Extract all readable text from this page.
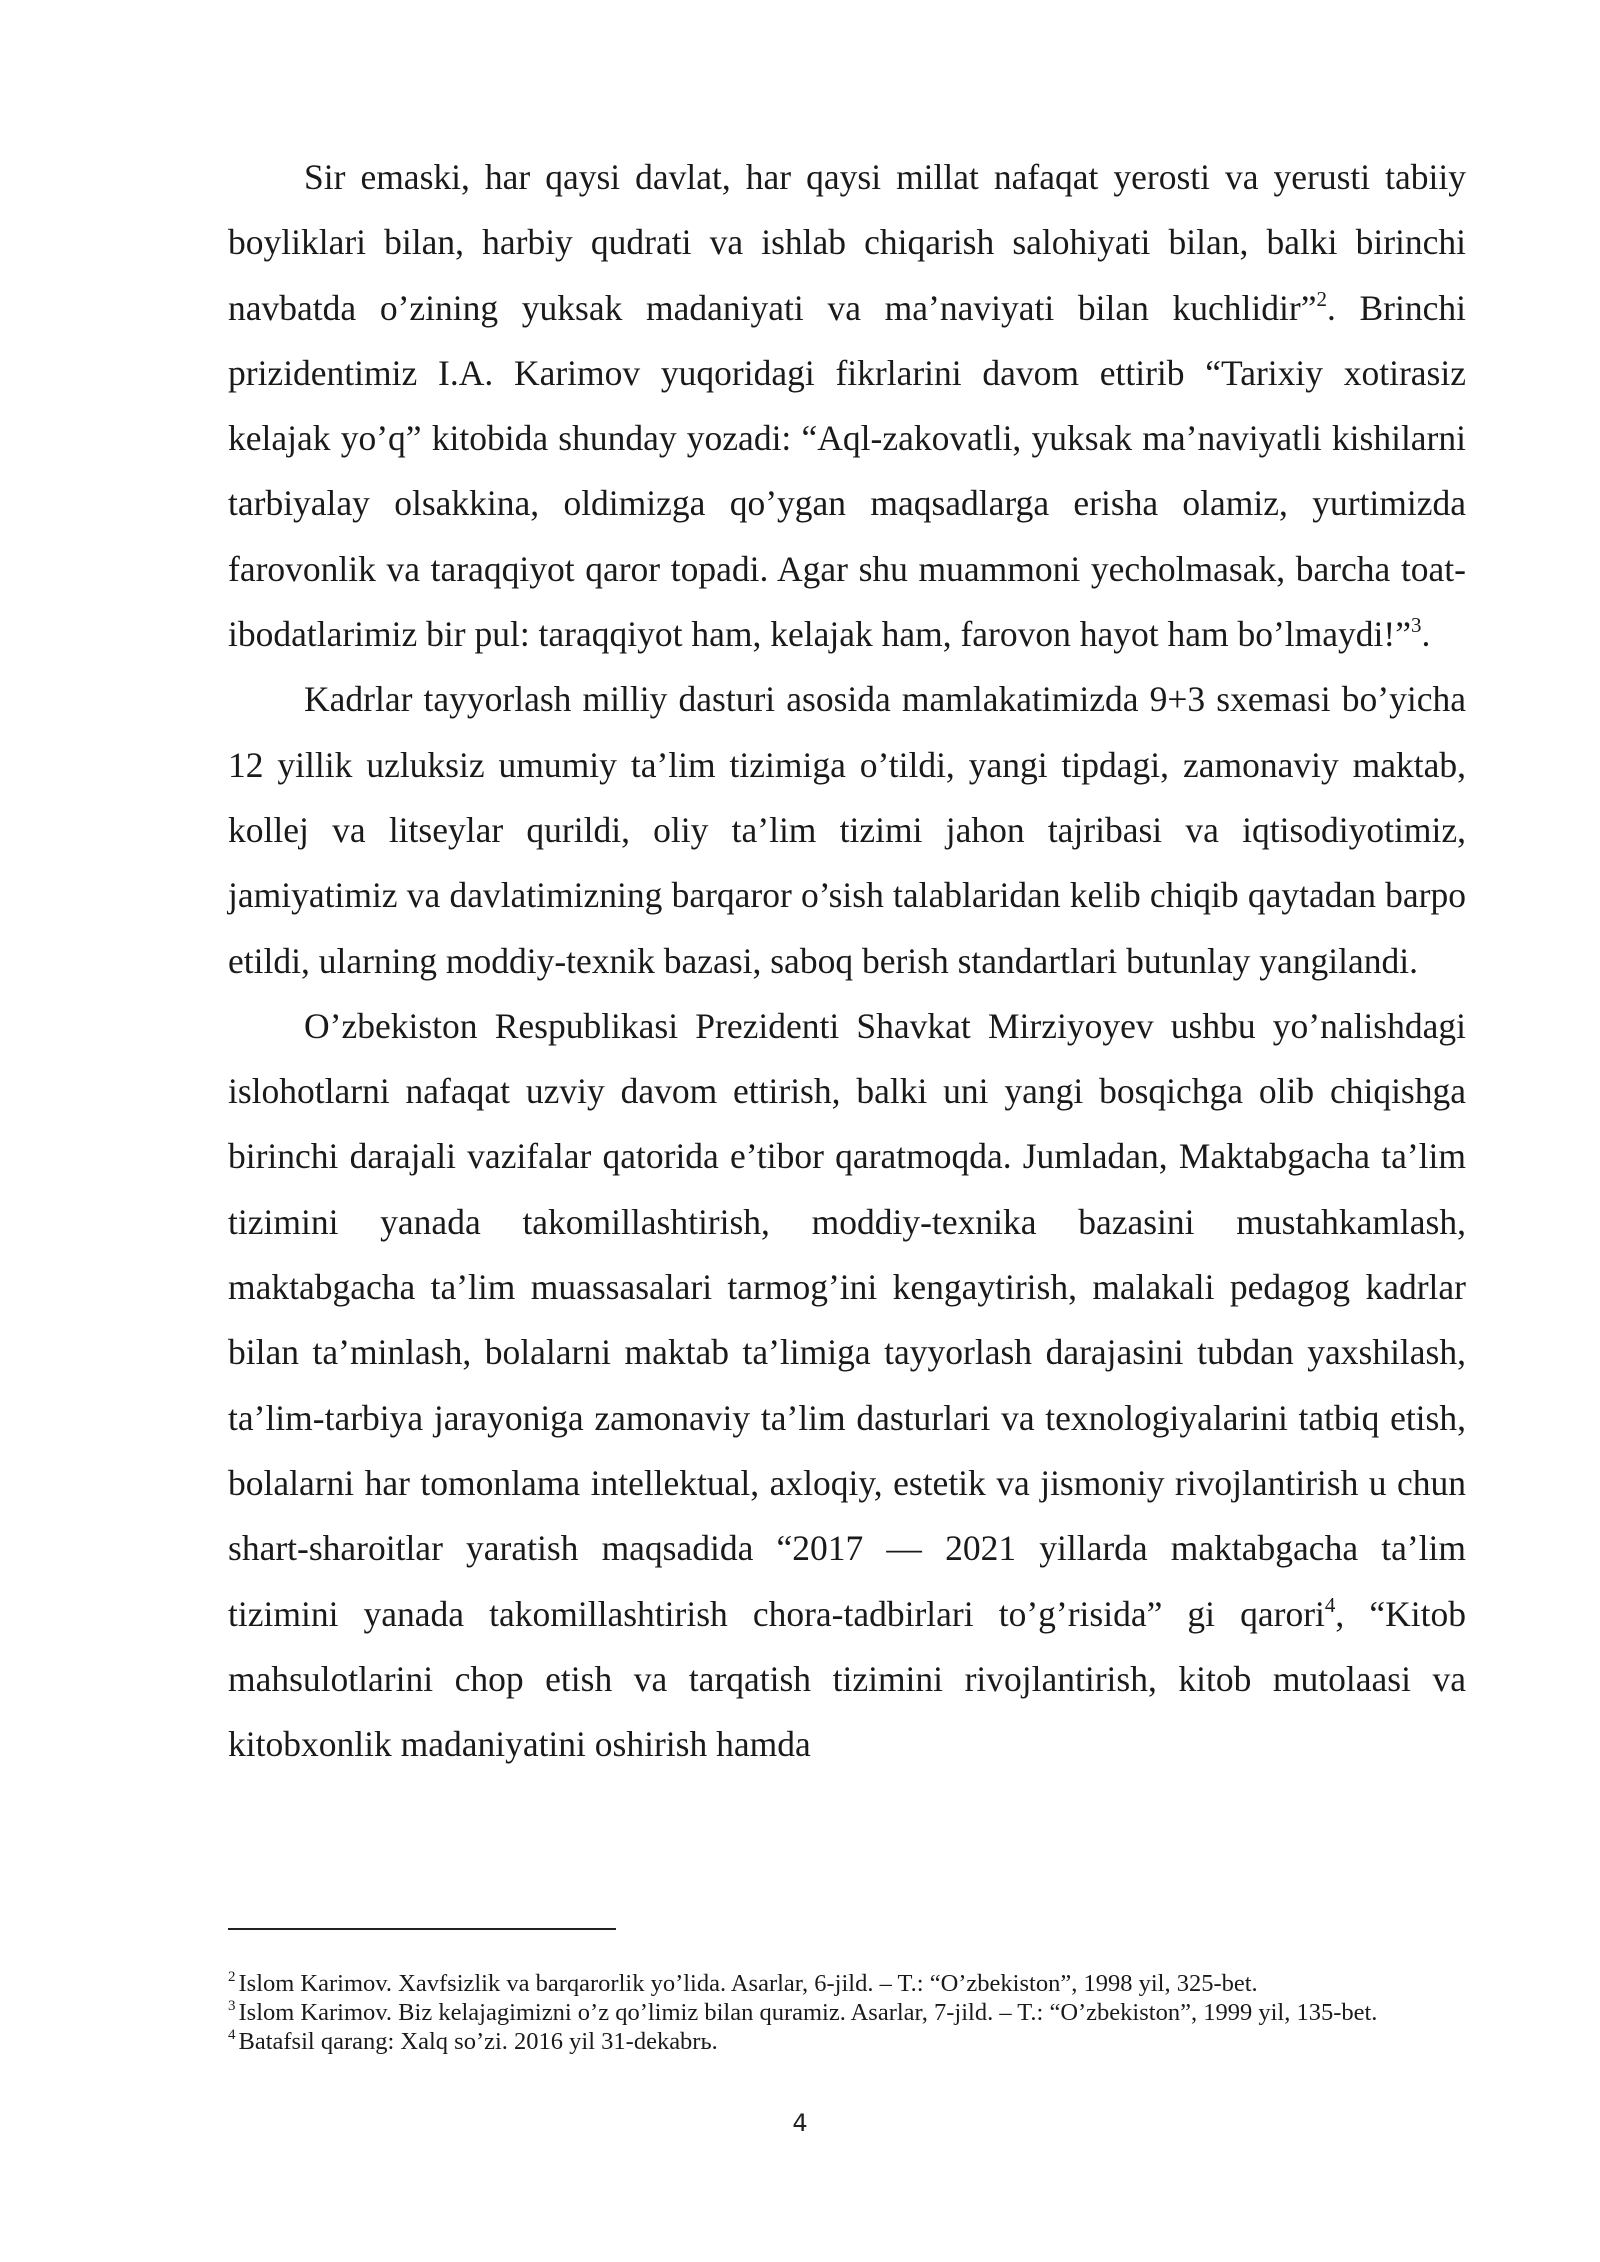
Sir emaski, har qaysi davlat, har qaysi millat nafaqat yerosti va yerusti tabiiy boyliklari bilan, harbiy qudrati va ishlab chiqarish salohiyati bilan, balki birinchi navbatda o’zining yuksak madaniyati va ma’naviyati bilan kuchlidir”$^2$. Brinchi prizidentimiz I.A. Karimov yuqoridagi fikrlarini davom ettirib “Tarixiy xotirasiz kelajak yo’q” kitobida shunday yozadi: “Aql-zakovatli, yuksak ma’naviyatli kishilarni tarbiyalay olsakkina, oldimizga qo’ygan maqsadlarga erisha olamiz, yurtimizda farovonlik va taraqqiyot qaror topadi. Agar shu muammoni yecholmasak, barcha toat-ibodatlarimiz bir pul: taraqqiyot ham, kelajak ham, farovon hayot ham bo’lmaydi!”$^3$.

Kadrlar tayyorlash milliy dasturi asosida mamlakatimizda 9+3 sxemasi bo’yicha 12 yillik uzluksiz umumiy ta’lim tizimiga o’tildi, yangi tipdagi, zamonaviy maktab, kollej va litseylar qurildi, oliy ta’lim tizimi jahon tajribasi va iqtisodiyotimiz, jamiyatimiz va davlatimizning barqaror o’sish talablaridan kelib chiqib qaytadan barpo etildi, ularning moddiy-texnik bazasi, saboq berish standartlari butunlay yangilandi.

O’zbekiston Respublikasi Prezidenti Shavkat Mirziyoyev ushbu yo’nalishdagi islohotlarni nafaqat uzviy davom ettirish, balki uni yangi bosqichga olib chiqishga birinchi darajali vazifalar qatorida e’tibor qaratmoqda. Jumladan, Maktabgacha ta’lim tizimini yanada takomillashtirish, moddiy-texnika bazasini mustahkamlash, maktabgacha ta’lim muassasalari tarmog’ini kengaytirish, malakali pedagog kadrlar bilan ta’minlash, bolalarni maktab ta’limiga tayyorlash darajasini tubdan yaxshilash, ta’lim-tarbiya jarayoniga zamonaviy ta’lim dasturlari va texnologiyalarini tatbiq etish, bolalarni har tomonlama intellektual, axloqiy, estetik va jismoniy rivojlantirish u chun shart-sharoitlar yaratish maqsadida “2017 — 2021 yillarda maktabgacha ta’lim tizimini yanada takomillashtirish chora-tadbirlari to’g’risida” gi qarori$^4$, “Kitob mahsulotlarini chop etish va tarqatish tizimini rivojlantirish, kitob mutolaasi va kitobxonlik madaniyatini oshirish hamda

$^2$ Islom Karimov. Xavfsizlik va barqarorlik yo’lida. Asarlar, 6-jild. – T.: “O’zbekiston”, 1998 yil, 325-bet.

$^3$ Islom Karimov. Biz kelajagimizni o’z qo’limiz bilan quramiz. Asarlar, 7-jild. – T.: “O’zbekiston”, 1999 yil, 135-bet.

$^4$ Batafsil qarang: Xalq so’zi. 2016 yil 31-dekabrь.

4
